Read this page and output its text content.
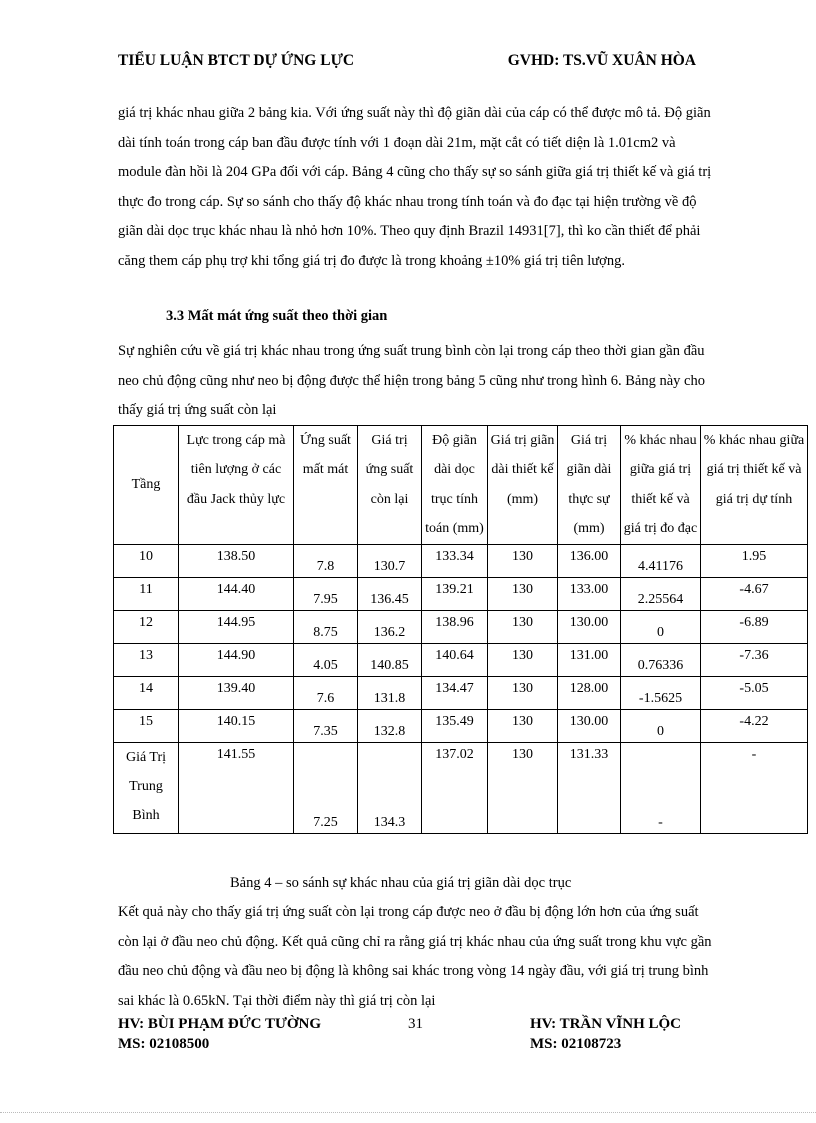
TIỂU LUẬN BTCT DỰ ỨNG LỰC	GVHD: TS.VŨ XUÂN HÒA
giá trị khác nhau giữa 2 bảng kia. Với ứng suất này thì độ giãn dài của cáp có thể được mô tả. Độ giãn dài tính toán trong cáp ban đầu được tính với 1 đoạn dài 21m, mặt cắt có tiết diện là 1.01cm2 và module đàn hồi là 204 GPa đối với cáp. Bảng 4 cũng cho thấy sự so sánh giữa giá trị thiết kế và giá trị thực đo trong cáp. Sự so sánh cho thấy độ khác nhau trong tính toán và đo đạc tại hiện trường về độ giãn dài dọc trục khác nhau là nhỏ hơn 10%. Theo quy định Brazil 14931[7], thì ko cần thiết để phải căng them cáp phụ trợ khi tổng giá trị đo được là trong khoảng ±10% giá trị tiên lượng.
3.3 Mất mát ứng suất theo thời gian
Sự nghiên cứu về giá trị khác nhau trong ứng suất trung bình còn lại trong cáp theo thời gian gần đầu neo chủ động cũng như neo bị động được thể hiện trong bảng 5 cũng như trong hình 6. Bảng này cho thấy giá trị ứng suất còn lại
Tầng	Lực trong cáp mà tiên lượng ở các đầu Jack thủy lực	Ứng suất mất mát	Giá trị ứng suất còn lại	Độ giãn dài dọc trục tính toán (mm)	Giá trị giãn dài thiết kế (mm)	Giá trị giãn dài thực sự (mm)	% khác nhau giữa giá trị thiết kế và giá trị đo đạc	% khác nhau giữa giá trị thiết kế và giá trị dự tính
10	138.50	7.8	130.7	133.34	130	136.00	4.41176	1.95
11	144.40	7.95	136.45	139.21	130	133.00	2.25564	-4.67
12	144.95	8.75	136.2	138.96	130	130.00	0	-6.89
13	144.90	4.05	140.85	140.64	130	131.00	0.76336	-7.36
14	139.40	7.6	131.8	134.47	130	128.00	-1.5625	-5.05
15	140.15	7.35	132.8	135.49	130	130.00	0	-4.22
Giá Trị Trung Bình	141.55	7.25	134.3	137.02	130	131.33	-	-
Bảng 4 – so sánh sự khác nhau của giá trị giãn dài dọc trục
Kết quả này cho thấy giá trị ứng suất còn lại trong cáp được neo ở đầu bị động lớn hơn của ứng suất còn lại ở đầu neo chủ động. Kết quả cũng chỉ ra rằng giá trị khác nhau của ứng suất trong khu vực gần đầu neo chủ động và đầu neo bị động là không sai khác trong vòng 14 ngày đầu, với giá trị trung bình sai khác là 0.65kN. Tại thời điểm này thì giá trị còn lại
HV: BÙI PHẠM ĐỨC TƯỜNG
MS: 02108500
31	HV: TRẦN VĨNH LỘC
MS: 02108723
